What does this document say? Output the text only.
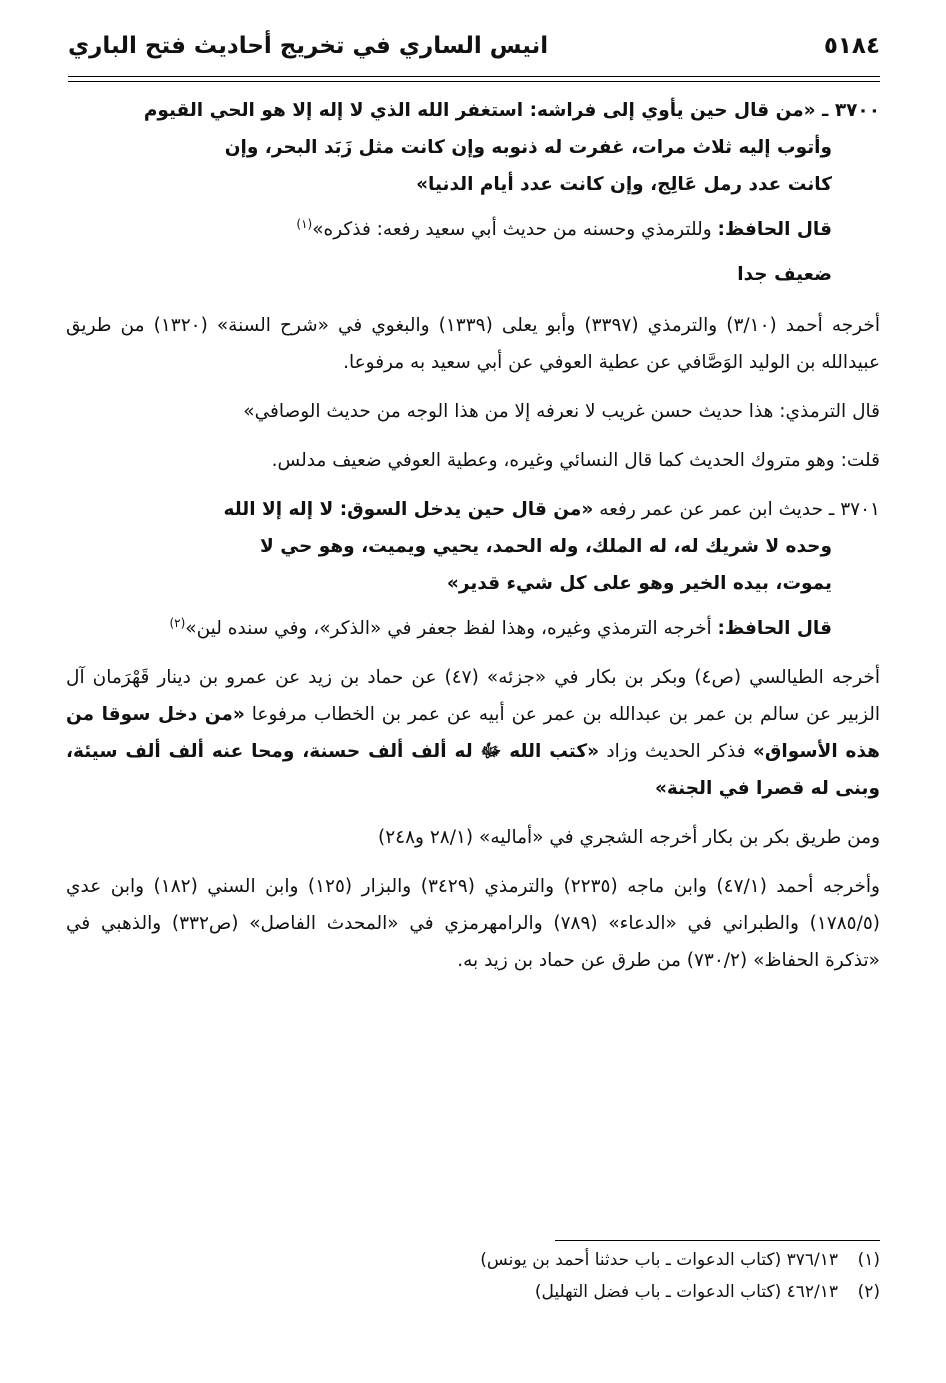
٥١٨٤
انيس الساري في تخريج أحاديث فتح الباري
٣٧٠٠ ـ «من قال حين يأوي إلى فراشه: استغفر الله الذي لا إله إلا هو الحي القيوم
وأتوب إليه ثلاث مرات، غفرت له ذنوبه وإن كانت مثل زَبَد البحر، وإن
كانت عدد رمل عَالِج، وإن كانت عدد أيام الدنيا»
قال الحافظ: وللترمذي وحسنه من حديث أبي سعيد رفعه: فذكره»$^{(١)}$
ضعيف جدا

أخرجه أحمد (٣/١٠) والترمذي (٣٣٩٧) وأبو يعلى (١٣٣٩) والبغوي في «شرح السنة» (١٣٢٠) من طريق عبيدالله بن الوليد الوَصَّافي عن عطية العوفي عن أبي سعيد به مرفوعا.

قال الترمذي: هذا حديث حسن غريب لا نعرفه إلا من هذا الوجه من حديث الوصافي»

قلت: وهو متروك الحديث كما قال النسائي وغيره، وعطية العوفي ضعيف مدلس.

٣٧٠١ ـ حديث ابن عمر عن عمر رفعه «من قال حين يدخل السوق: لا إله إلا الله
وحده لا شريك له، له الملك، وله الحمد، يحيي ويميت، وهو حي لا
يموت، بيده الخير وهو على كل شيء قدير»
قال الحافظ: أخرجه الترمذي وغيره، وهذا لفظ جعفر في «الذكر»، وفي سنده لين»$^{(٢)}$

أخرجه الطيالسي (ص٤) وبكر بن بكار في «جزئه» (٤٧) عن حماد بن زيد عن عمرو بن دينار قَهْرَمان آل الزبير عن سالم بن عمر بن عبدالله بن عمر عن أبيه عن عمر بن الخطاب مرفوعا «من دخل سوقا من هذه الأسواق» فذكر الحديث وزاد «كتب الله ﷻ له ألف ألف حسنة، ومحا عنه ألف ألف سيئة، وبنى له قصرا في الجنة»

ومن طريق بكر بن بكار أخرجه الشجري في «أماليه» (٢٨/١ و٢٤٨)

وأخرجه أحمد (٤٧/١) وابن ماجه (٢٢٣٥) والترمذي (٣٤٢٩) والبزار (١٢٥) وابن السني (١٨٢) وابن عدي (١٧٨٥/٥) والطبراني في «الدعاء» (٧٨٩) والرامهرمزي في «المحدث الفاصل» (ص٣٣٢) والذهبي في «تذكرة الحفاظ» (٧٣٠/٢) من طرق عن حماد بن زيد به.

(١)
٣٧٦/١٣ (كتاب الدعوات ـ باب حدثنا أحمد بن يونس)
(٢)
٤٦٢/١٣ (كتاب الدعوات ـ باب فضل التهليل)
